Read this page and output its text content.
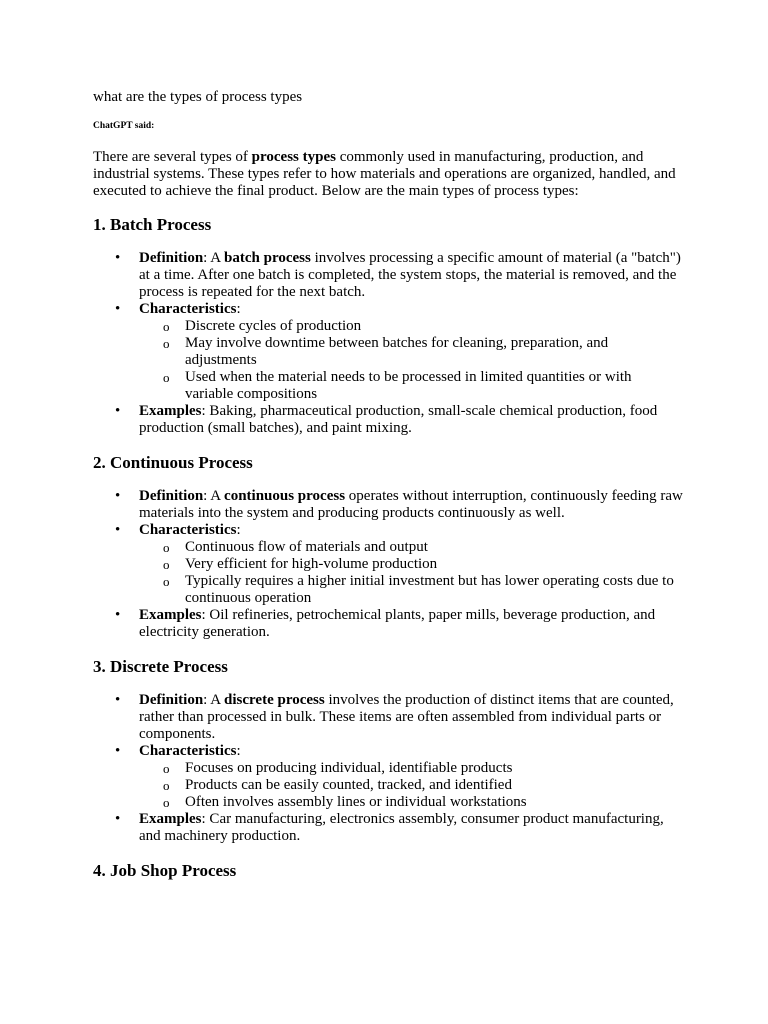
what are the types of process types

ChatGPT said:

There are several types of process types commonly used in manufacturing, production, and industrial systems. These types refer to how materials and operations are organized, handled, and executed to achieve the final product. Below are the main types of process types:

1. Batch Process
• Definition: A batch process involves processing a specific amount of material (a "batch") at a time. After one batch is completed, the system stops, the material is removed, and the process is repeated for the next batch.
• Characteristics:
o Discrete cycles of production
o May involve downtime between batches for cleaning, preparation, and adjustments
o Used when the material needs to be processed in limited quantities or with variable compositions
• Examples: Baking, pharmaceutical production, small-scale chemical production, food production (small batches), and paint mixing.
2. Continuous Process
• Definition: A continuous process operates without interruption, continuously feeding raw materials into the system and producing products continuously as well.
• Characteristics:
o Continuous flow of materials and output
o Very efficient for high-volume production
o Typically requires a higher initial investment but has lower operating costs due to continuous operation
• Examples: Oil refineries, petrochemical plants, paper mills, beverage production, and electricity generation.
3. Discrete Process
• Definition: A discrete process involves the production of distinct items that are counted, rather than processed in bulk. These items are often assembled from individual parts or components.
• Characteristics:
o Focuses on producing individual, identifiable products
o Products can be easily counted, tracked, and identified
o Often involves assembly lines or individual workstations
• Examples: Car manufacturing, electronics assembly, consumer product manufacturing, and machinery production.
4. Job Shop Process
